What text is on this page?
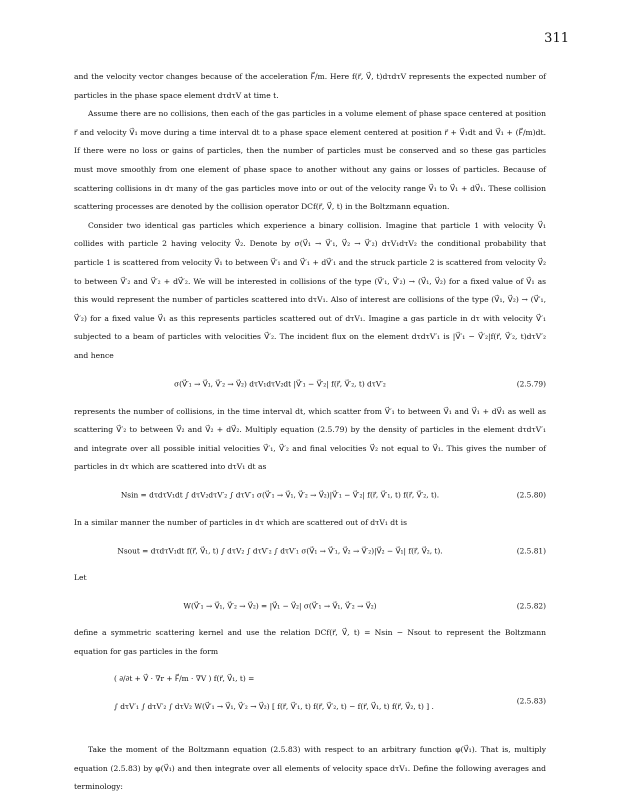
311

and the velocity vector changes because of the acceleration F⃗/m. Here f(r⃗, V⃗, t)dτdτV represents the expected number of particles in the phase space element dτdτV at time t.

Assume there are no collisions, then each of the gas particles in a volume element of phase space centered at position r⃗ and velocity V⃗₁ move during a time interval dt to a phase space element centered at position r⃗ + V⃗₁dt and V⃗₁ + (F⃗/m)dt. If there were no loss or gains of particles, then the number of particles must be conserved and so these gas particles must move smoothly from one element of phase space to another without any gains or losses of particles. Because of scattering collisions in dτ many of the gas particles move into or out of the velocity range V⃗₁ to V⃗₁ + dV⃗₁. These collision scattering processes are denoted by the collision operator DCf(r⃗, V⃗, t) in the Boltzmann equation.

Consider two identical gas particles which experience a binary collision. Imagine that particle 1 with velocity V⃗₁ collides with particle 2 having velocity V⃗₂. Denote by σ(V⃗₁ → V⃗′₁, V⃗₂ → V⃗′₂) dτV₁dτV₂ the conditional probability that particle 1 is scattered from velocity V⃗₁ to between V⃗′₁ and V⃗′₁ + dV⃗′₁ and the struck particle 2 is scattered from velocity V⃗₂ to between V⃗′₂ and V⃗′₂ + dV⃗′₂. We will be interested in collisions of the type (V⃗′₁, V⃗′₂) → (V⃗₁, V⃗₂) for a fixed value of V⃗₁ as this would represent the number of particles scattered into dτV₁. Also of interest are collisions of the type (V⃗₁, V⃗₂) → (V⃗′₁, V⃗′₂) for a fixed value V⃗₁ as this represents particles scattered out of dτV₁. Imagine a gas particle in dτ with velocity V⃗′₁ subjected to a beam of particles with velocities V⃗′₂. The incident flux on the element dτdτV′₁ is |V⃗′₁ − V⃗′₂|f(r⃗, V⃗′₂, t)dτV′₂ and hence

σ(V⃗′₁ → V⃗₁, V⃗′₂ → V⃗₂) dτV₁dτV₂dt |V⃗′₁ − V⃗′₂| f(r⃗, V⃗′₂, t) dτV′₂	(2.5.79)

represents the number of collisions, in the time interval dt, which scatter from V⃗′₁ to between V⃗₁ and V⃗₁ + dV⃗₁ as well as scattering V⃗′₂ to between V⃗₂ and V⃗₂ + dV⃗₂. Multiply equation (2.5.79) by the density of particles in the element dτdτV′₁ and integrate over all possible initial velocities V⃗′₁, V⃗′₂ and final velocities V⃗₂ not equal to V⃗₁. This gives the number of particles in dτ which are scattered into dτV₁ dt as

Nsin = dτdτV₁dt ∫ dτV₂dτV′₂ ∫ dτV′₁ σ(V⃗′₁ → V⃗₁, V⃗′₂ → V⃗₂)|V⃗′₁ − V⃗′₂| f(r⃗, V⃗′₁, t) f(r⃗, V⃗′₂, t).	(2.5.80)

In a similar manner the number of particles in dτ which are scattered out of dτV₁ dt is

Nsout = dτdτV₁dt f(r⃗, V⃗₁, t) ∫ dτV₂ ∫ dτV′₂ ∫ dτV′₁ σ(V⃗₁ → V⃗′₁, V⃗₂ → V⃗′₂)|V⃗₂ − V⃗₁| f(r⃗, V⃗₂, t).	(2.5.81)

Let

W(V⃗′₁ → V⃗₁, V⃗′₂ → V⃗₂) = |V⃗₁ − V⃗₂| σ(V⃗′₁ → V⃗₁, V⃗′₂ → V⃗₂)	(2.5.82)

define a symmetric scattering kernel and use the relation DCf(r⃗, V⃗, t) = Nsin − Nsout to represent the Boltzmann equation for gas particles in the form

( ∂/∂t + V⃗ · ∇r + F⃗/m · ∇V ) f(r⃗, V⃗₁, t) =
∫ dτV′₁ ∫ dτV′₂ ∫ dτV₂ W(V⃗′₁ → V⃗₁, V⃗′₂ → V⃗₂) [ f(r⃗, V⃗′₁, t) f(r⃗, V⃗′₂, t) − f(r⃗, V⃗₁, t) f(r⃗, V⃗₂, t) ] .
(2.5.83)

Take the moment of the Boltzmann equation (2.5.83) with respect to an arbitrary function φ(V⃗₁). That is, multiply equation (2.5.83) by φ(V⃗₁) and then integrate over all elements of velocity space dτV₁. Define the following averages and terminology:
